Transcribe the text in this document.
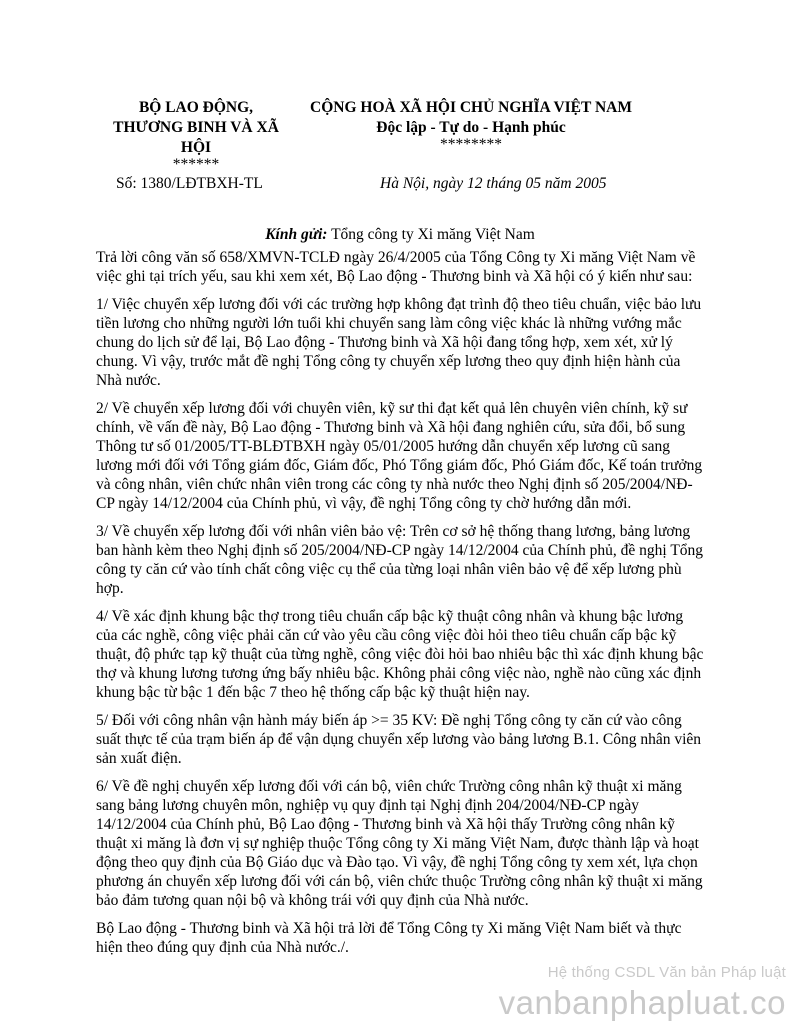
BỘ LAO ĐỘNG,
THƯƠNG BINH VÀ XÃ
HỘI
******
CỘNG HOÀ XÃ HỘI CHỦ NGHĨA VIỆT NAM
Độc lập - Tự do - Hạnh phúc
********
Số: 1380/LĐTBXH-TL	Hà Nội, ngày 12 tháng 05 năm 2005
Kính gửi: Tổng công ty Xi măng Việt Nam

Trả lời công văn số 658/XMVN-TCLĐ ngày 26/4/2005 của Tổng Công ty Xi măng Việt Nam về việc ghi tại trích yếu, sau khi xem xét, Bộ Lao động - Thương binh và Xã hội có ý kiến như sau:

1/ Việc chuyển xếp lương đối với các trường hợp không đạt trình độ theo tiêu chuẩn, việc bảo lưu tiền lương cho những người lớn tuổi khi chuyển sang làm công việc khác là những vướng mắc chung do lịch sử để lại, Bộ Lao động - Thương binh và Xã hội đang tổng hợp, xem xét, xử lý chung. Vì vậy, trước mắt đề nghị Tổng công ty chuyển xếp lương theo quy định hiện hành của Nhà nước.

2/ Về chuyển xếp lương đối với chuyên viên, kỹ sư thi đạt kết quả lên chuyên viên chính, kỹ sư chính, về vấn đề này, Bộ Lao động - Thương binh và Xã hội đang nghiên cứu, sửa đổi, bổ sung Thông tư số 01/2005/TT-BLĐTBXH ngày 05/01/2005 hướng dẫn chuyển xếp lương cũ sang lương mới đối với Tổng giám đốc, Giám đốc, Phó Tổng giám đốc, Phó Giám đốc, Kế toán trưởng và công nhân, viên chức nhân viên trong các công ty nhà nước theo Nghị định số 205/2004/NĐ-CP ngày 14/12/2004 của Chính phủ, vì vậy, đề nghị Tổng công ty chờ hướng dẫn mới.

3/ Về chuyển xếp lương đối với nhân viên bảo vệ: Trên cơ sở hệ thống thang lương, bảng lương ban hành kèm theo Nghị định số 205/2004/NĐ-CP ngày 14/12/2004 của Chính phủ, đề nghị Tổng công ty căn cứ vào tính chất công việc cụ thể của từng loại nhân viên bảo vệ để xếp lương phù hợp.

4/ Về xác định khung bậc thợ trong tiêu chuẩn cấp bậc kỹ thuật công nhân và khung bậc lương của các nghề, công việc phải căn cứ vào yêu cầu công việc đòi hỏi theo tiêu chuẩn cấp bậc kỹ thuật, độ phức tạp kỹ thuật của từng nghề, công việc đòi hỏi bao nhiêu bậc thì xác định khung bậc thợ và khung lương tương ứng bấy nhiêu bậc. Không phải công việc nào, nghề nào cũng xác định khung bậc từ bậc 1 đến bậc 7 theo hệ thống cấp bậc kỹ thuật hiện nay.

5/ Đối với công nhân vận hành máy biến áp >= 35 KV: Đề nghị Tổng công ty căn cứ vào công suất thực tế của trạm biến áp để vận dụng chuyển xếp lương vào bảng lương B.1. Công nhân viên sản xuất điện.

6/ Về đề nghị chuyển xếp lương đối với cán bộ, viên chức Trường công nhân kỹ thuật xi măng sang bảng lương chuyên môn, nghiệp vụ quy định tại Nghị định 204/2004/NĐ-CP ngày 14/12/2004 của Chính phủ, Bộ Lao động - Thương binh và Xã hội thấy Trường công nhân kỹ thuật xi măng là đơn vị sự nghiệp thuộc Tổng công ty Xi măng Việt Nam, được thành lập và hoạt động theo quy định của Bộ Giáo dục và Đào tạo. Vì vậy, đề nghị Tổng công ty xem xét, lựa chọn phương án chuyển xếp lương đối với cán bộ, viên chức thuộc Trường công nhân kỹ thuật xi măng bảo đảm tương quan nội bộ và không trái với quy định của Nhà nước.

Bộ Lao động - Thương binh và Xã hội trả lời để Tổng Công ty Xi măng Việt Nam biết và thực hiện theo đúng quy định của Nhà nước./.

Hệ thống CSDL Văn bản Pháp luật
vanbanphapluat.co
